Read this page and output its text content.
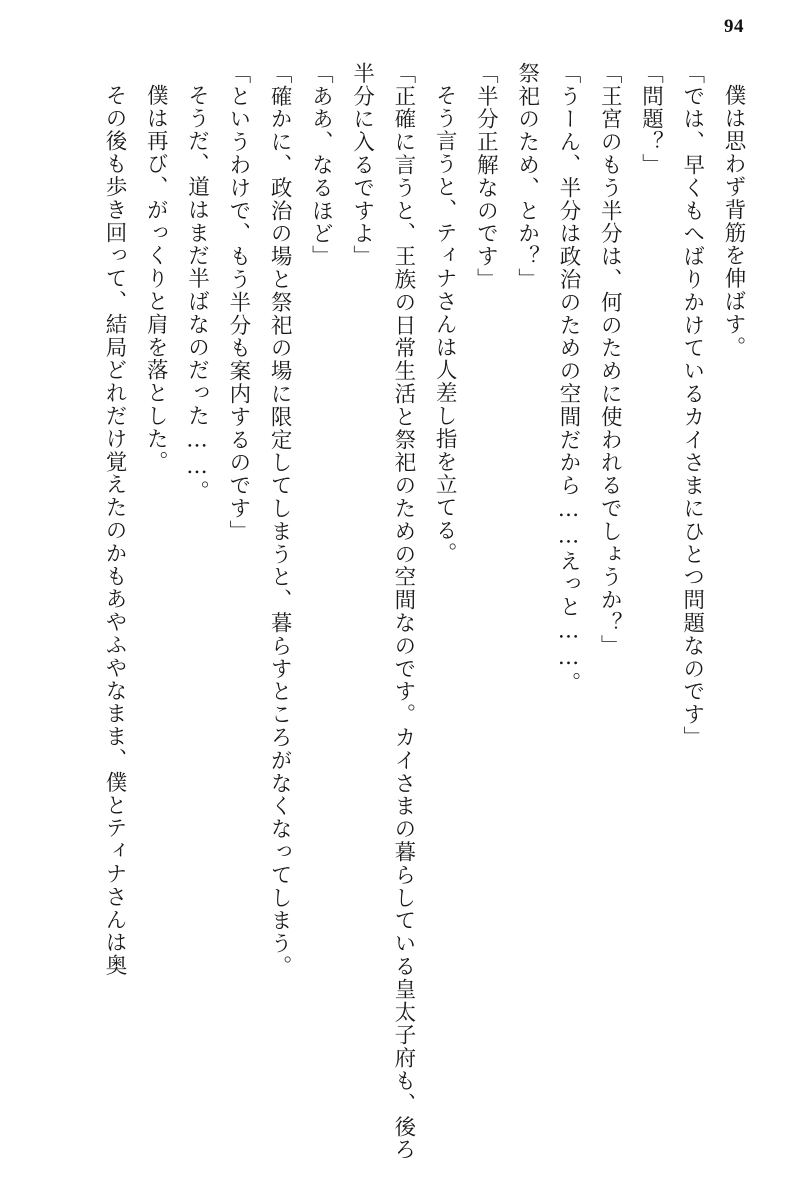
94

僕は思わず背筋を伸ばす。

「では、早くもへばりかけているカイさまにひとつ問題なのです」

「問題？」

「王宮のもう半分は、何のために使われるでしょうか？」

「うーん、半分は政治のための空間だから……えっと……。

祭祀のため、とか？」

「半分正解なのです」

そう言うと、ティナさんは人差し指を立てる。

「正確に言うと、王族の日常生活と祭祀のための空間なのです。カイさまの暮らしている皇太子府も、後ろ半分に入るですよ」

「ああ、なるほど」

「確かに、政治の場と祭祀の場に限定してしまうと、暮らすところがなくなってしまう。

「というわけで、もう半分も案内するのです」

そうだ、道はまだ半ばなのだった……。

僕は再び、がっくりと肩を落とした。

その後も歩き回って、結局どれだけ覚えたのかもあやふやなまま、僕とティナさんは奥
